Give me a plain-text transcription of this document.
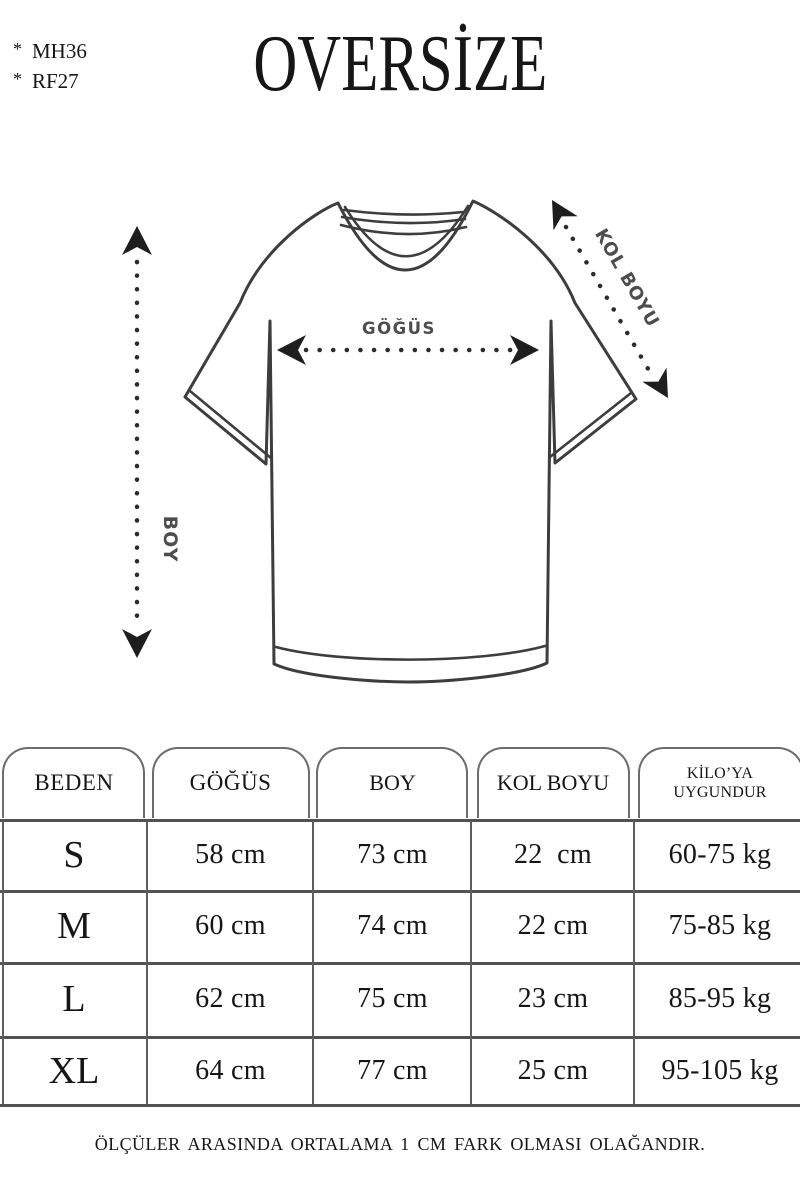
* MH36
* RF27	OVERSİZE
BOY
GÖĞÜS	KOL BOYU
BEDEN	GÖĞÜS	BOY	KOL BOYU	KİLO’YA
UYGUNDUR
S	58 cm	73 cm	22  cm	60-75 kg
M	60 cm	74 cm	22 cm	75-85 kg
L	62 cm	75 cm	23 cm	85-95 kg
XL	64 cm	77 cm	25 cm	95-105 kg
ÖLÇÜLER ARASINDA ORTALAMA 1 CM FARK OLMASI OLAĞANDIR.
